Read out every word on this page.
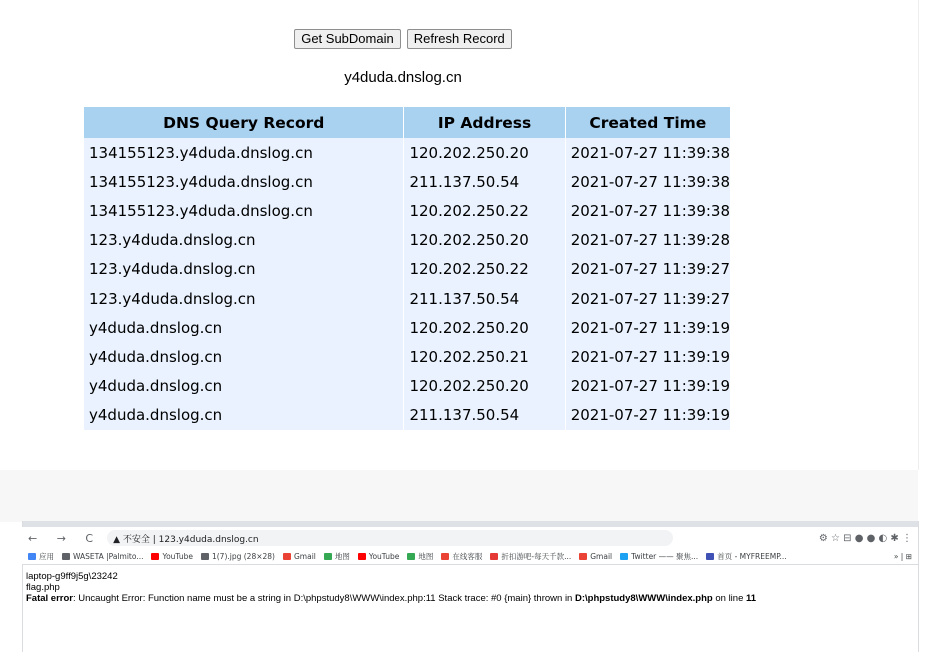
Get SubDomain	Refresh Record
y4duda.dnslog.cn
DNS Query Record	IP Address	Created Time
134155123.y4duda.dnslog.cn	120.202.250.20	2021-07-27 11:39:38
134155123.y4duda.dnslog.cn	211.137.50.54	2021-07-27 11:39:38
134155123.y4duda.dnslog.cn	120.202.250.22	2021-07-27 11:39:38
123.y4duda.dnslog.cn	120.202.250.20	2021-07-27 11:39:28
123.y4duda.dnslog.cn	120.202.250.22	2021-07-27 11:39:27
123.y4duda.dnslog.cn	211.137.50.54	2021-07-27 11:39:27
y4duda.dnslog.cn	120.202.250.20	2021-07-27 11:39:19
y4duda.dnslog.cn	120.202.250.21	2021-07-27 11:39:19
y4duda.dnslog.cn	120.202.250.20	2021-07-27 11:39:19
y4duda.dnslog.cn	211.137.50.54	2021-07-27 11:39:19
← → C ▲ 不安全 | 123.y4duda.dnslog.cn	⚙ ☆ ⊟ ● ● ◐ ✱ ⋮
应用	WASETA |Palmito...	YouTube	1(7).jpg (28×28)	Gmail	地图	YouTube	地图	在线客服	折扣游吧-每天千款...	Gmail	Twitter —— 聚焦...	首页 - MYFREEMP...	» | ⊞
laptop-g9ff9j5g\23242
flag.php
Fatal error: Uncaught Error: Function name must be a string in D:\phpstudy8\WWW\index.php:11 Stack trace: #0 {main} thrown in D:\phpstudy8\WWW\index.php on line 11
